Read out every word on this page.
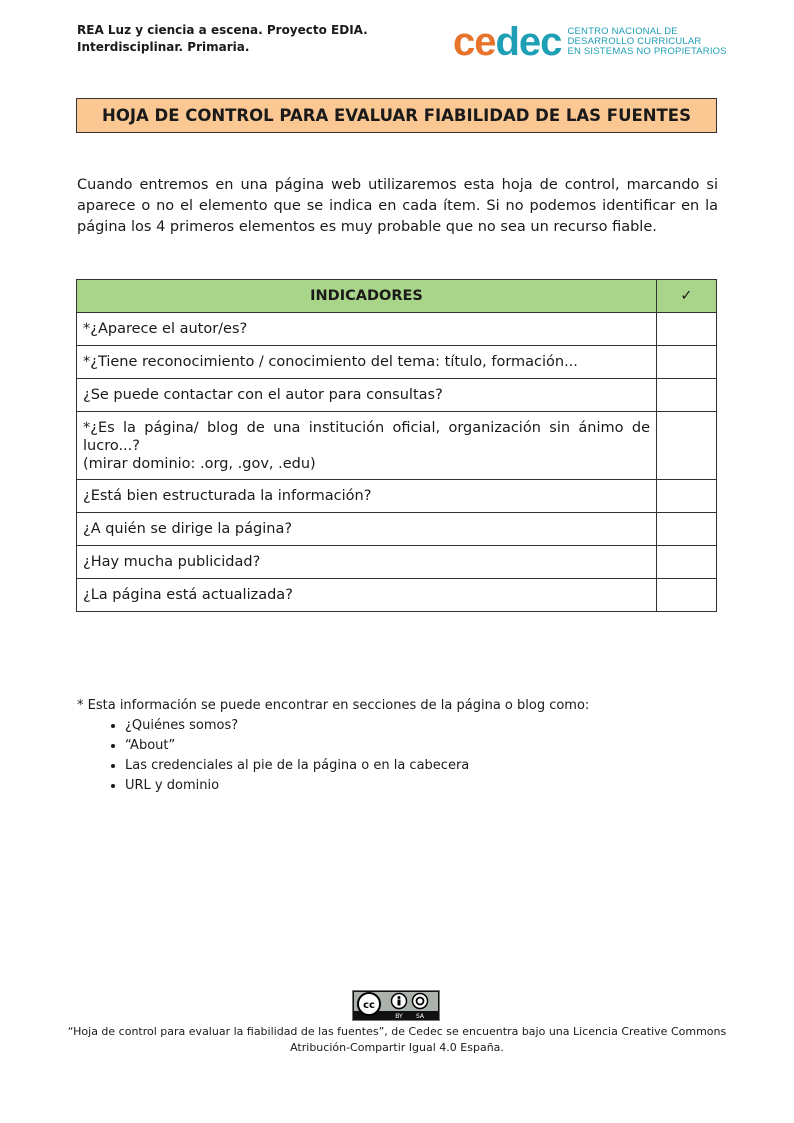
REA Luz y ciencia a escena. Proyecto EDIA.
Interdisciplinar. Primaria.	cedec CENTRO NACIONAL DE
DESARROLLO CURRICULAR
EN SISTEMAS NO PROPIETARIOS
HOJA DE CONTROL PARA EVALUAR FIABILIDAD DE LAS FUENTES
Cuando entremos en una página web utilizaremos esta hoja de control, marcando si aparece o no el elemento que se indica en cada ítem. Si no podemos identificar en la página los 4 primeros elementos es muy probable que no sea un recurso fiable.
INDICADORES	✓
*¿Aparece el autor/es?	
*¿Tiene reconocimiento / conocimiento del tema: título, formación...	
¿Se puede contactar con el autor para consultas?	

*¿Es la página/ blog de una institución oficial, organización sin ánimo de lucro...?
(mirar dominio: .org, .gov, .edu)	

¿Está bien estructurada la información?	
¿A quién se dirige la página?	
¿Hay mucha publicidad?	
¿La página está actualizada?	
* Esta información se puede encontrar en secciones de la página o blog como:
• ¿Quiénes somos?
• “About”
• Las credenciales al pie de la página o en la cabecera
• URL y dominio
cc
BY SA
“Hoja de control para evaluar la fiabilidad de las fuentes”, de Cedec se encuentra bajo una Licencia Creative Commons
Atribución-Compartir Igual 4.0 España.
